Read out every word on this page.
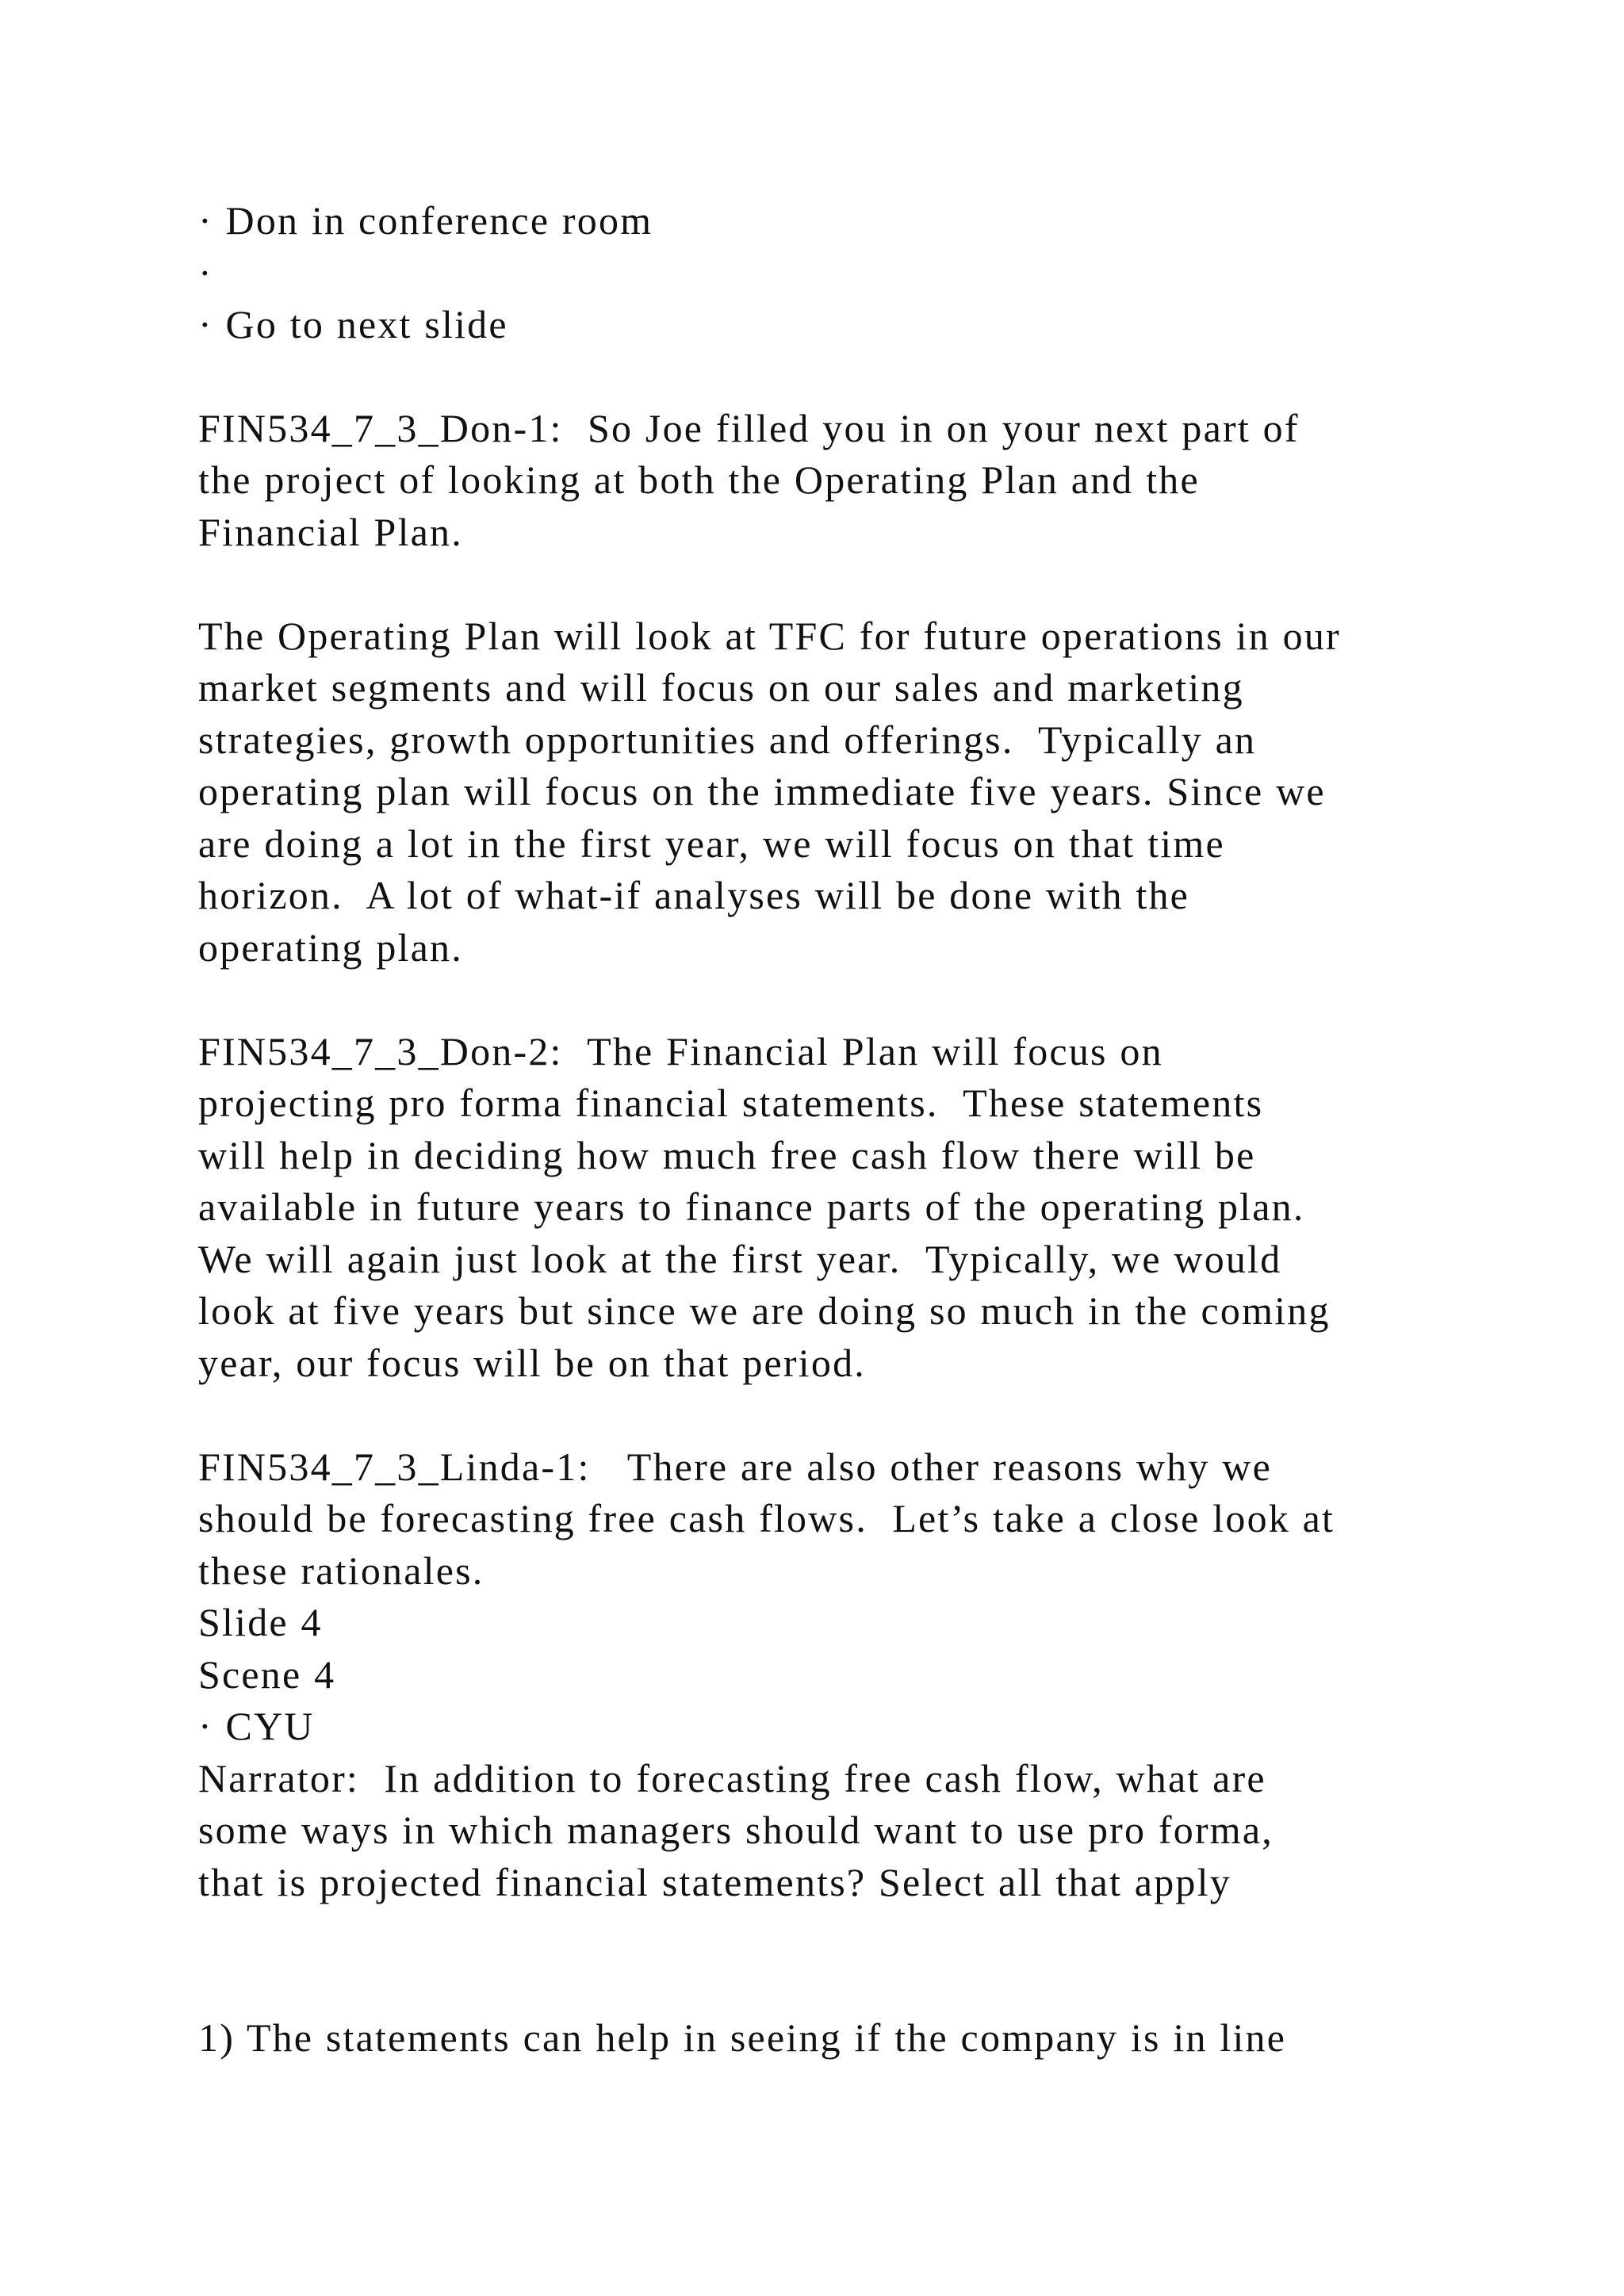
· Don in conference room
·
· Go to next slide
FIN534_7_3_Don-1:  So Joe filled you in on your next part of
the project of looking at both the Operating Plan and the
Financial Plan.
The Operating Plan will look at TFC for future operations in our
market segments and will focus on our sales and marketing
strategies, growth opportunities and offerings.  Typically an
operating plan will focus on the immediate five years. Since we
are doing a lot in the first year, we will focus on that time
horizon.  A lot of what-if analyses will be done with the
operating plan.
FIN534_7_3_Don-2:  The Financial Plan will focus on
projecting pro forma financial statements.  These statements
will help in deciding how much free cash flow there will be
available in future years to finance parts of the operating plan.
We will again just look at the first year.  Typically, we would
look at five years but since we are doing so much in the coming
year, our focus will be on that period.
FIN534_7_3_Linda-1:   There are also other reasons why we
should be forecasting free cash flows.  Let’s take a close look at
these rationales.
Slide 4
Scene 4
· CYU
Narrator:  In addition to forecasting free cash flow, what are
some ways in which managers should want to use pro forma,
that is projected financial statements? Select all that apply
1) The statements can help in seeing if the company is in line
